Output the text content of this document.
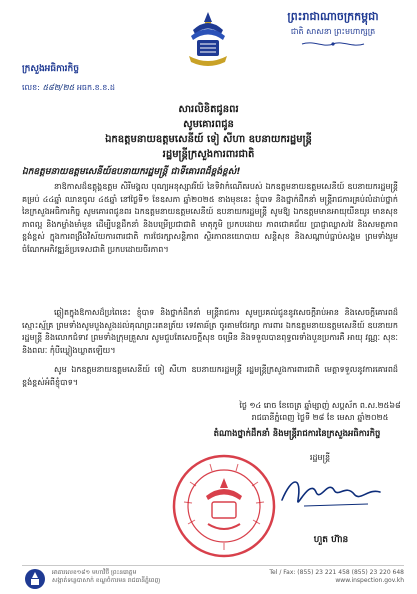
ព្រះរាជាណាចក្រកម្ពុជា
ជាតិ សាសនា ព្រះមហាក្សត្រ
ក្រសួងអធិការកិច្ច
លេខ: ៥៨២/២៥ អធក.ខ.ខ.ដ
សារលិខិតជូនពរ
សូមគោរពជូន
ឯកឧត្តមនាយឧត្តមសេនីយ៍ ទៀ សីហា ឧបនាយករដ្ឋមន្ត្រី
រដ្ឋមន្ត្រីក្រសួងការពារជាតិ
ឯកឧត្តមនាយឧត្តមសេនីយ៍ឧបនាយករដ្ឋមន្ត្រី ជាទីគោរពដ៏ខ្ពង់ខ្ពស់!
នាឱកាសដ៏ឧត្តុង្គឧត្តម សិរីមង្គល បុណ្យអនុស្សាវរីយ៍ នៃទិវាកំណើតរបស់ ឯកឧត្តមនាយឧត្តមសេនីយ៍ ឧបនាយករដ្ឋមន្ត្រី គម្រប់ ៤៤ឆ្នាំ ឈានចូល ៤៥ឆ្នាំ នៅថ្ងៃទី១ ខែឧសភា ឆ្នាំ២០២៥ ខាងមុខនេះ ខ្ញុំបាទ និងថ្នាក់ដឹកនាំ មន្ត្រីរាជការគ្រប់លំដាប់ថ្នាក់នៃក្រសួងអធិការកិច្ច សូមគោរពជូនពរ ឯកឧត្តមនាយឧត្តមសេនីយ៍ ឧបនាយករដ្ឋមន្ត្រី សូមឱ្យ ឯកឧត្តមមានអាយុយឺនយូរ មានសុខភាពល្អ និងកម្លាំងមាំមួន ដើម្បីបន្តដឹកនាំ និងបម្រើប្រជាជាតិ មាតុភូមិ ប្រកបដោយ ភាពជោគជ័យ ប្រាជ្ញាឈ្លាសវៃ និងសមត្ថភាពខ្ពង់ខ្ពស់ ក្នុងការពង្រឹងវិស័យការពារជាតិ ការថែរក្សាសន្តិភាព ស្ថិរភាពនយោបាយ សន្តិសុខ និងសណ្តាប់ធ្នាប់សង្គម ព្រមទាំងរួមចំណែកអភិវឌ្ឍន៍ប្រទេសជាតិ ប្រកបដោយចីរភាព។
ឆ្លៀតក្នុងឱកាសដ៏ប្រពៃនេះ ខ្ញុំបាទ និងថ្នាក់ដឹកនាំ មន្ត្រីរាជការ សូមប្រគល់ជូននូវសេចក្តីរាប់អាន និងសេចក្តីគោរពដ៏ស្មោះស្ម័គ្រ ព្រមទាំងសូមបួងសួងដល់គុណព្រះរតនត្រ័យ ទេវតាឆ័ត្រ ចូរតាមថែរក្សា ការពារ ឯកឧត្តមនាយឧត្តមសេនីយ៍ ឧបនាយករដ្ឋមន្ត្រី និងលោកជំទាវ ព្រមទាំងក្រុមគ្រួសារ សូមជួបតែសេចក្តីសុខ ចម្រើន និងទទួលបានពុទ្ធពរទាំងបួនប្រការគឺ អាយុ វណ្ណៈ សុខៈ និងពលៈ កុំបីឃ្លៀងឃ្លាតឡើយ។
សូម ឯកឧត្តមនាយឧត្តមសេនីយ៍ ទៀ សីហា ឧបនាយករដ្ឋមន្ត្រី រដ្ឋមន្ត្រីក្រសួងការពារជាតិ មេត្តាទទួលនូវការគោរពដ៏ខ្ពង់ខ្ពស់អំពីខ្ញុំបាទ។
ថ្ងៃ ១៤ រោច ខែចេត្រ ឆ្នាំម្សាញ់ សប្តស័ក ព.ស.២៥៦៨
រាជធានីភ្នំពេញ ថ្ងៃទី ២៨ ខែ មេសា ឆ្នាំ២០២៥
តំណាងថ្នាក់ដឹកនាំ និងមន្ត្រីរាជការនៃក្រសួងអធិការកិច្ច
រដ្ឋមន្ត្រី
ហួត ហ៊ាន
អាគារលេខ១៨១ មហាវិថី ព្រះនរោត្តម
សង្កាត់ទន្លេបាសាក់ ខណ្ឌចំការមន រាជធានីភ្នំពេញ
Tel / Fax: (855) 23 221 458 (855) 23 220 648
www.inspection.gov.kh
